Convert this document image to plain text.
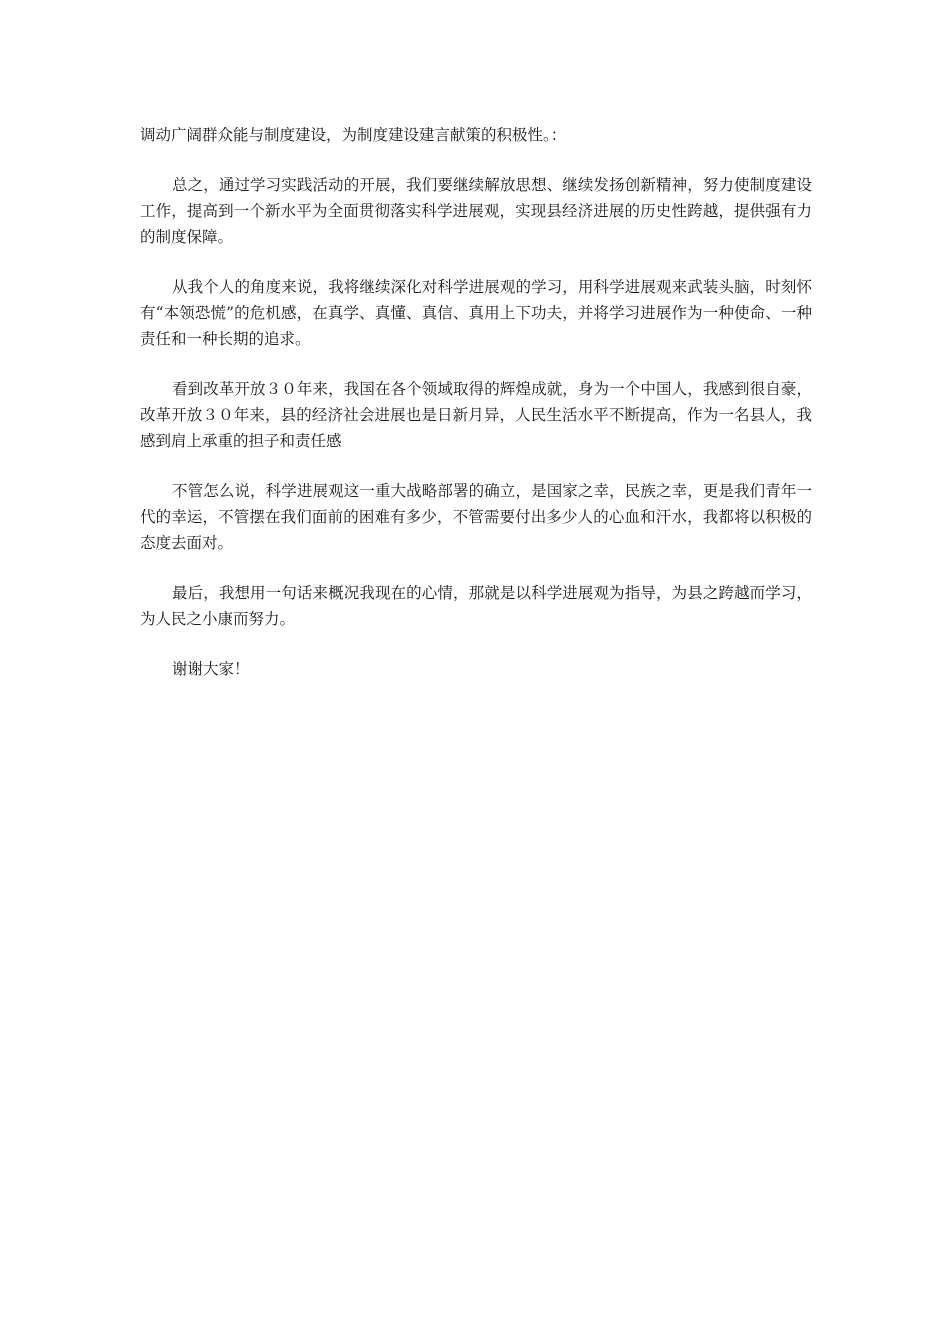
调动广阔群众能与制度建设，为制度建设建言献策的积极性。：

总之，通过学习实践活动的开展，我们要继续解放思想、继续发扬创新精神，努力使制度建设工作，提高到一个新水平为全面贯彻落实科学进展观，实现县经济进展的历史性跨越，提供强有力的制度保障。

从我个人的角度来说，我将继续深化对科学进展观的学习，用科学进展观来武装头脑，时刻怀有“本领恐慌”的危机感，在真学、真懂、真信、真用上下功夫，并将学习进展作为一种使命、一种责任和一种长期的追求。

看到改革开放３０年来，我国在各个领域取得的辉煌成就，身为一个中国人，我感到很自豪，改革开放３０年来，县的经济社会进展也是日新月异，人民生活水平不断提高，作为一名县人，我感到肩上承重的担子和责任感

不管怎么说，科学进展观这一重大战略部署的确立，是国家之幸，民族之幸，更是我们青年一代的幸运，不管摆在我们面前的困难有多少，不管需要付出多少人的心血和汗水，我都将以积极的态度去面对。

最后，我想用一句话来概况我现在的心情，那就是以科学进展观为指导，为县之跨越而学习，为人民之小康而努力。

谢谢大家！
